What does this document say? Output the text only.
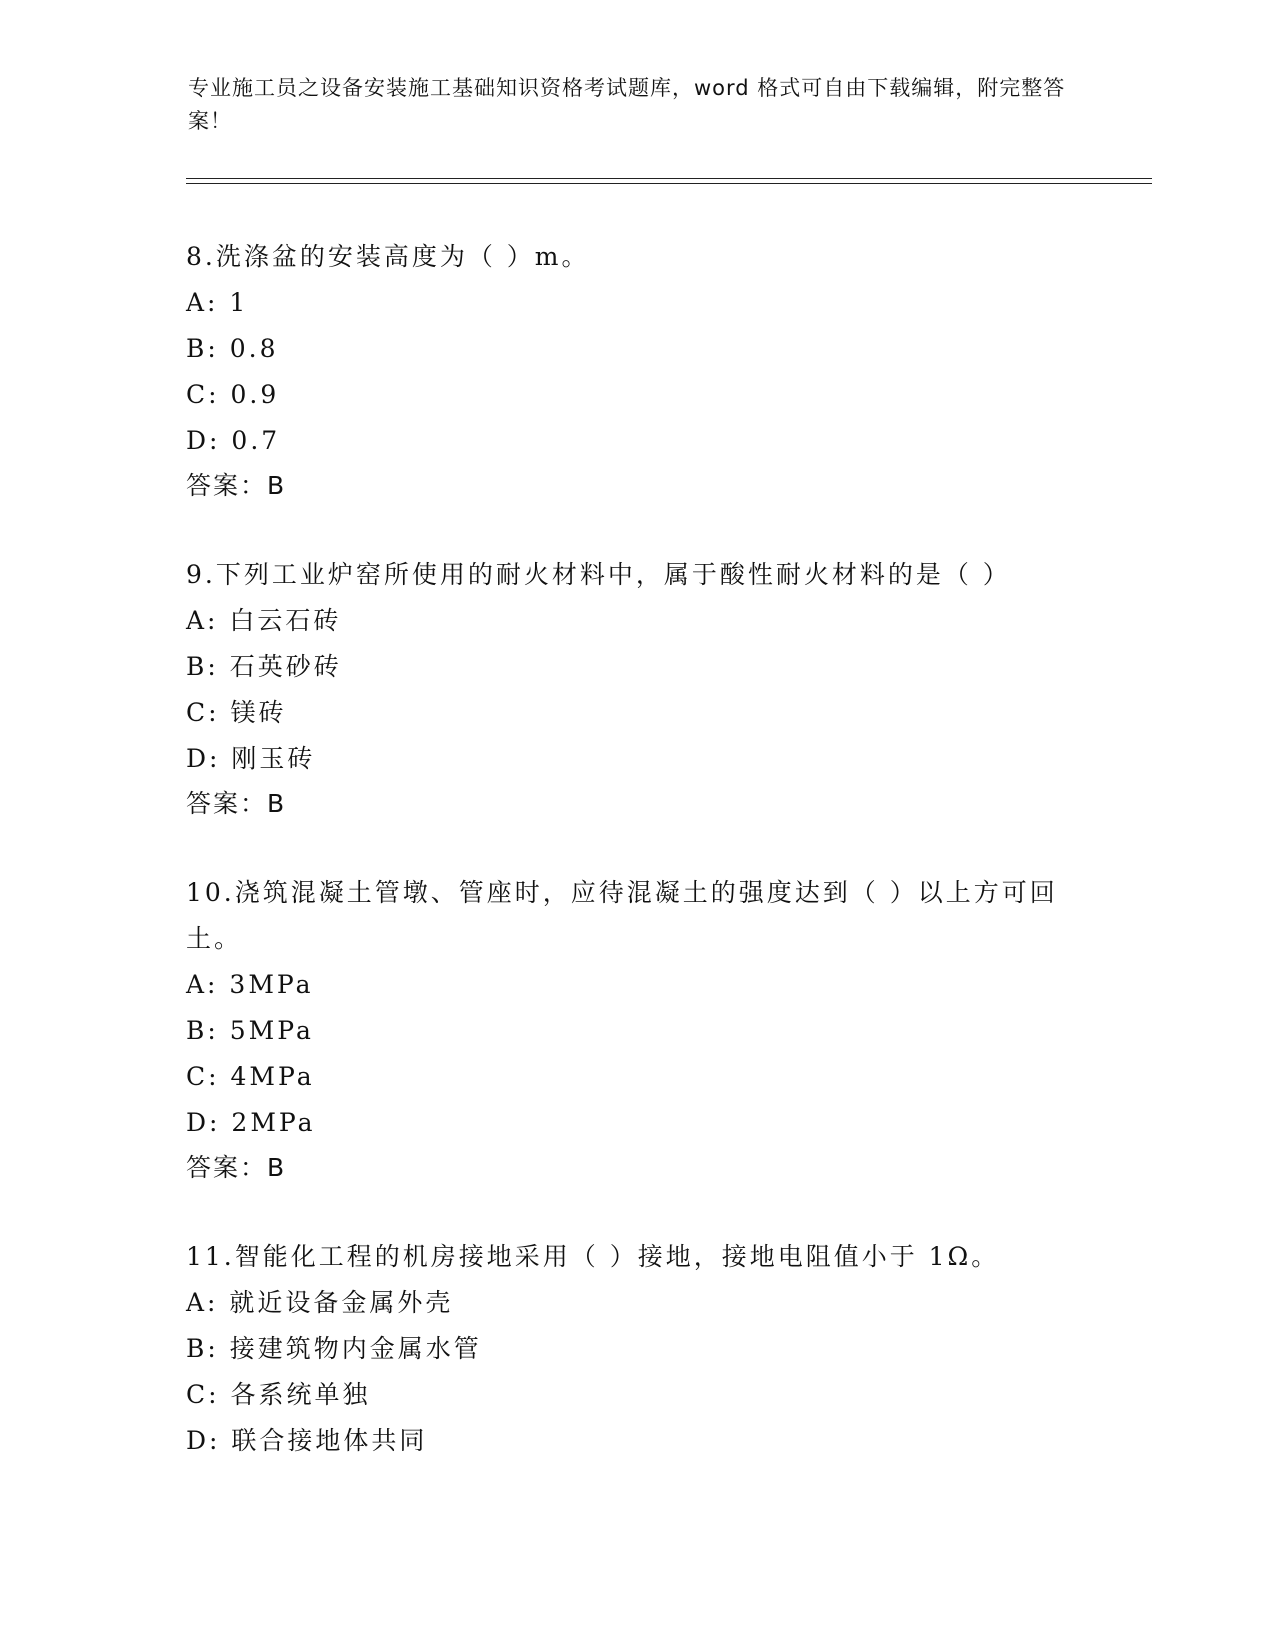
专业施工员之设备安装施工基础知识资格考试题库，word 格式可自由下载编辑，附完整答案！

8.洗涤盆的安装高度为（ ）m。

A: 1

B: 0.8

C: 0.9

D: 0.7

答案：B

9.下列工业炉窑所使用的耐火材料中，属于酸性耐火材料的是（ ）

A: 白云石砖

B: 石英砂砖

C: 镁砖

D: 刚玉砖

答案：B

10.浇筑混凝土管墩、管座时，应待混凝土的强度达到（ ）以上方可回土。

A: 3MPa

B: 5MPa

C: 4MPa

D: 2MPa

答案：B

11.智能化工程的机房接地采用（ ）接地，接地电阻值小于 1Ω。

A: 就近设备金属外壳

B: 接建筑物内金属水管

C: 各系统单独

D: 联合接地体共同
